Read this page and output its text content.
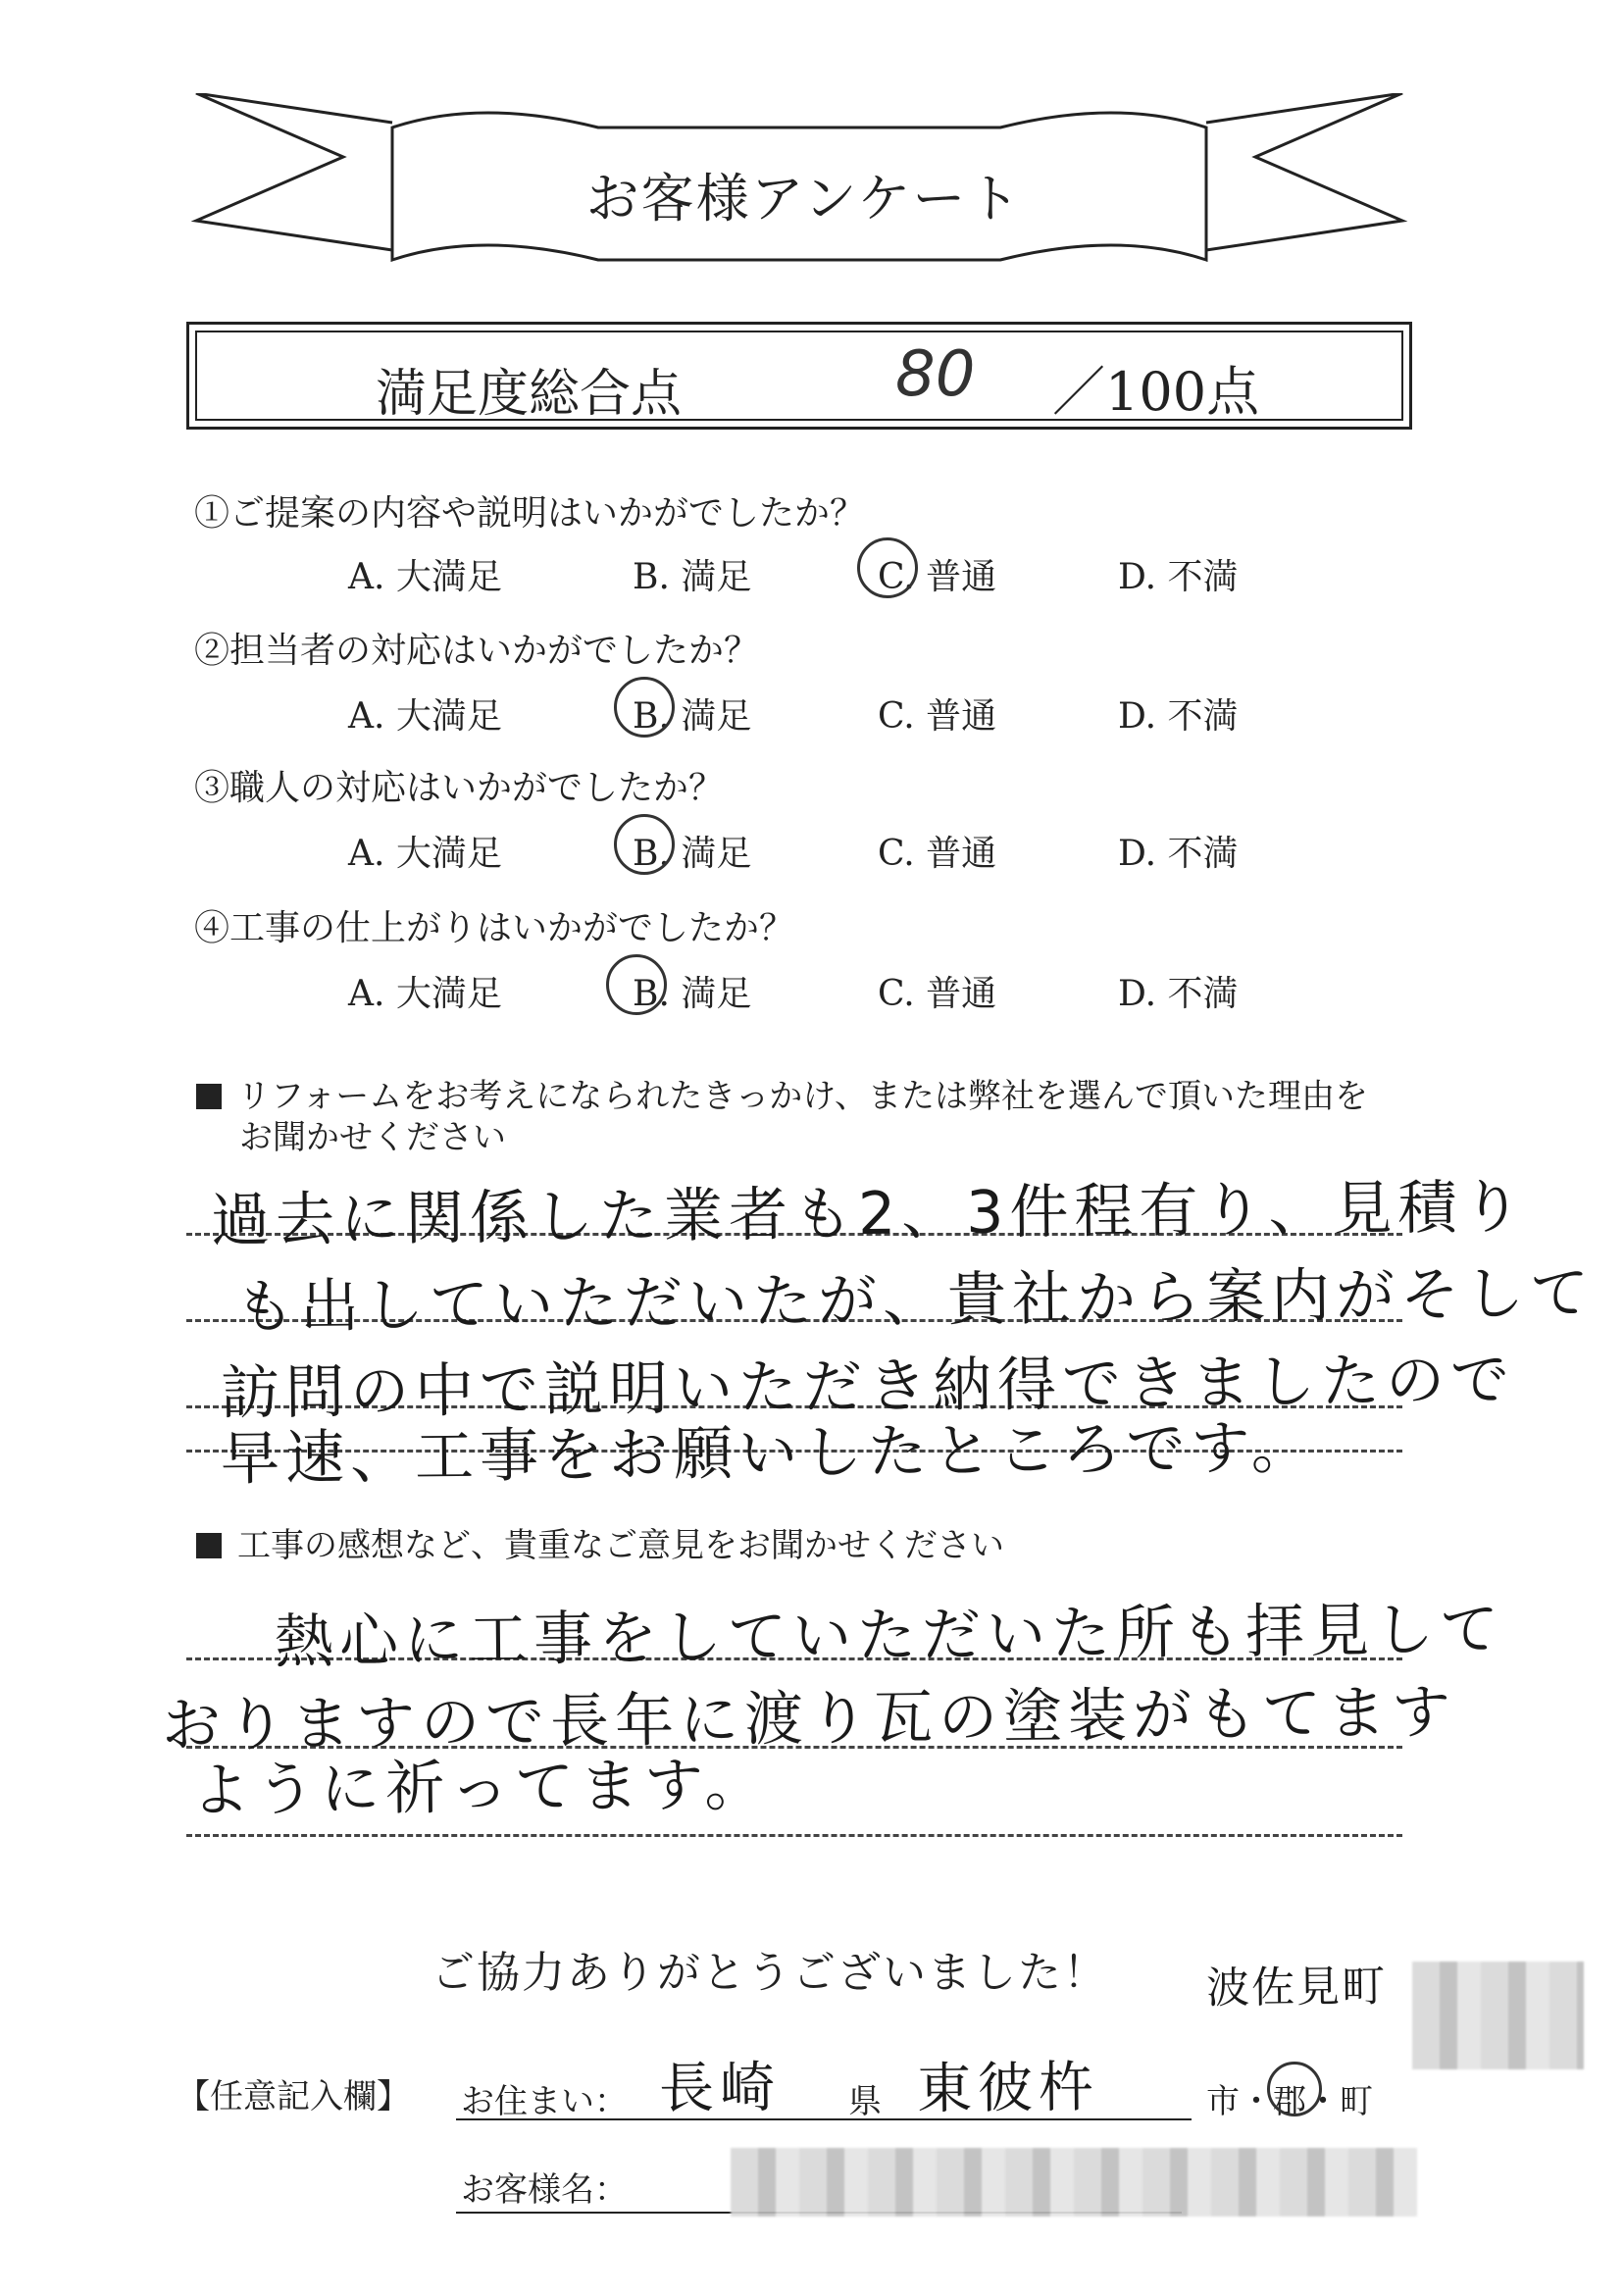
お客様アンケート
満足度総合点	80 ／100点
①ご提案の内容や説明はいかがでしたか？
A. 大満足	B. 満足	C. 普通	D. 不満
②担当者の対応はいかがでしたか？
A. 大満足	B. 満足	C. 普通	D. 不満
③職人の対応はいかがでしたか？
A. 大満足	B. 満足	C. 普通	D. 不満
④工事の仕上がりはいかがでしたか？
A. 大満足	B. 満足	C. 普通	D. 不満
リフォームをお考えになられたきっかけ、または弊社を選んで頂いた理由を
お聞かせください
過去に関係した業者も2、3件程有り、見積り
も出していただいたが、貴社から案内がそして
訪問の中で説明いただき納得できましたので
早速、工事をお願いしたところです。
工事の感想など、貴重なご意見をお聞かせください
熱心に工事をしていただいた所も拝見して
おりますので長年に渡り瓦の塗装がもてます
ように祈ってます。
ご協力ありがとうございました！
【任意記入欄】 お住まい： 長崎 県 東彼杵
波佐見町
市・郡・町
お客様名：
